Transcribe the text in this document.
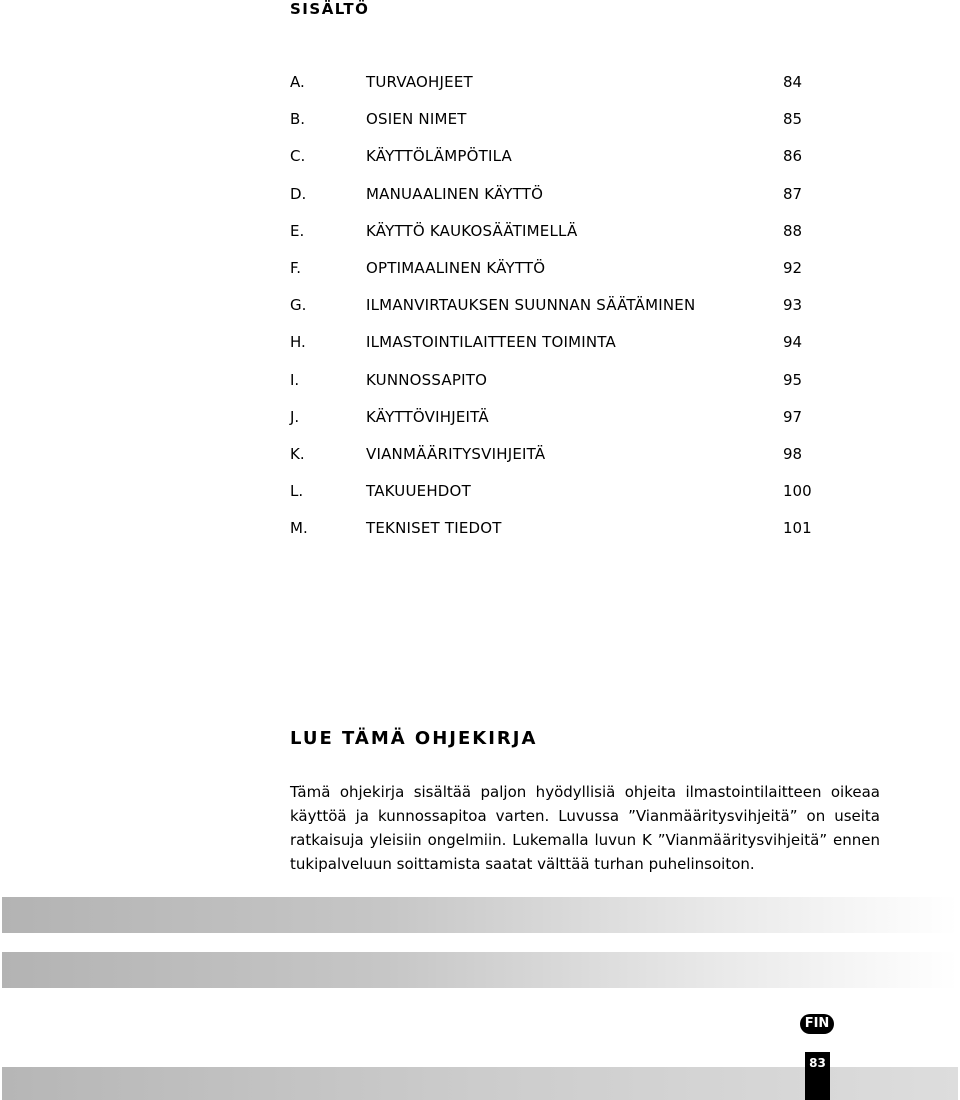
SISÄLTÖ
A.	TURVAOHJEET	84
B.	OSIEN NIMET	85
C.	KÄYTTÖLÄMPÖTILA	86
D.	MANUAALINEN KÄYTTÖ	87
E.	KÄYTTÖ KAUKOSÄÄTIMELLÄ	88
F.	OPTIMAALINEN KÄYTTÖ	92
G.	ILMANVIRTAUKSEN SUUNNAN SÄÄTÄMINEN	93
H.	ILMASTOINTILAITTEEN TOIMINTA	94
I.	KUNNOSSAPITO	95
J.	KÄYTTÖVIHJEITÄ	97
K.	VIANMÄÄRITYSVIHJEITÄ	98
L.	TAKUUEHDOT	100
M.	TEKNISET TIEDOT	101
LUE TÄMÄ OHJEKIRJA

Tämä ohjekirja sisältää paljon hyödyllisiä ohjeita ilmastointilaitteen oikeaa käyttöä ja kunnossapitoa varten. Luvussa ”Vianmääritysvihjeitä” on useita ratkaisuja yleisiin ongelmiin. Lukemalla luvun K ”Vianmääritysvihjeitä” ennen tukipalveluun soittamista saatat välttää turhan puhelinsoiton.

FIN
83
